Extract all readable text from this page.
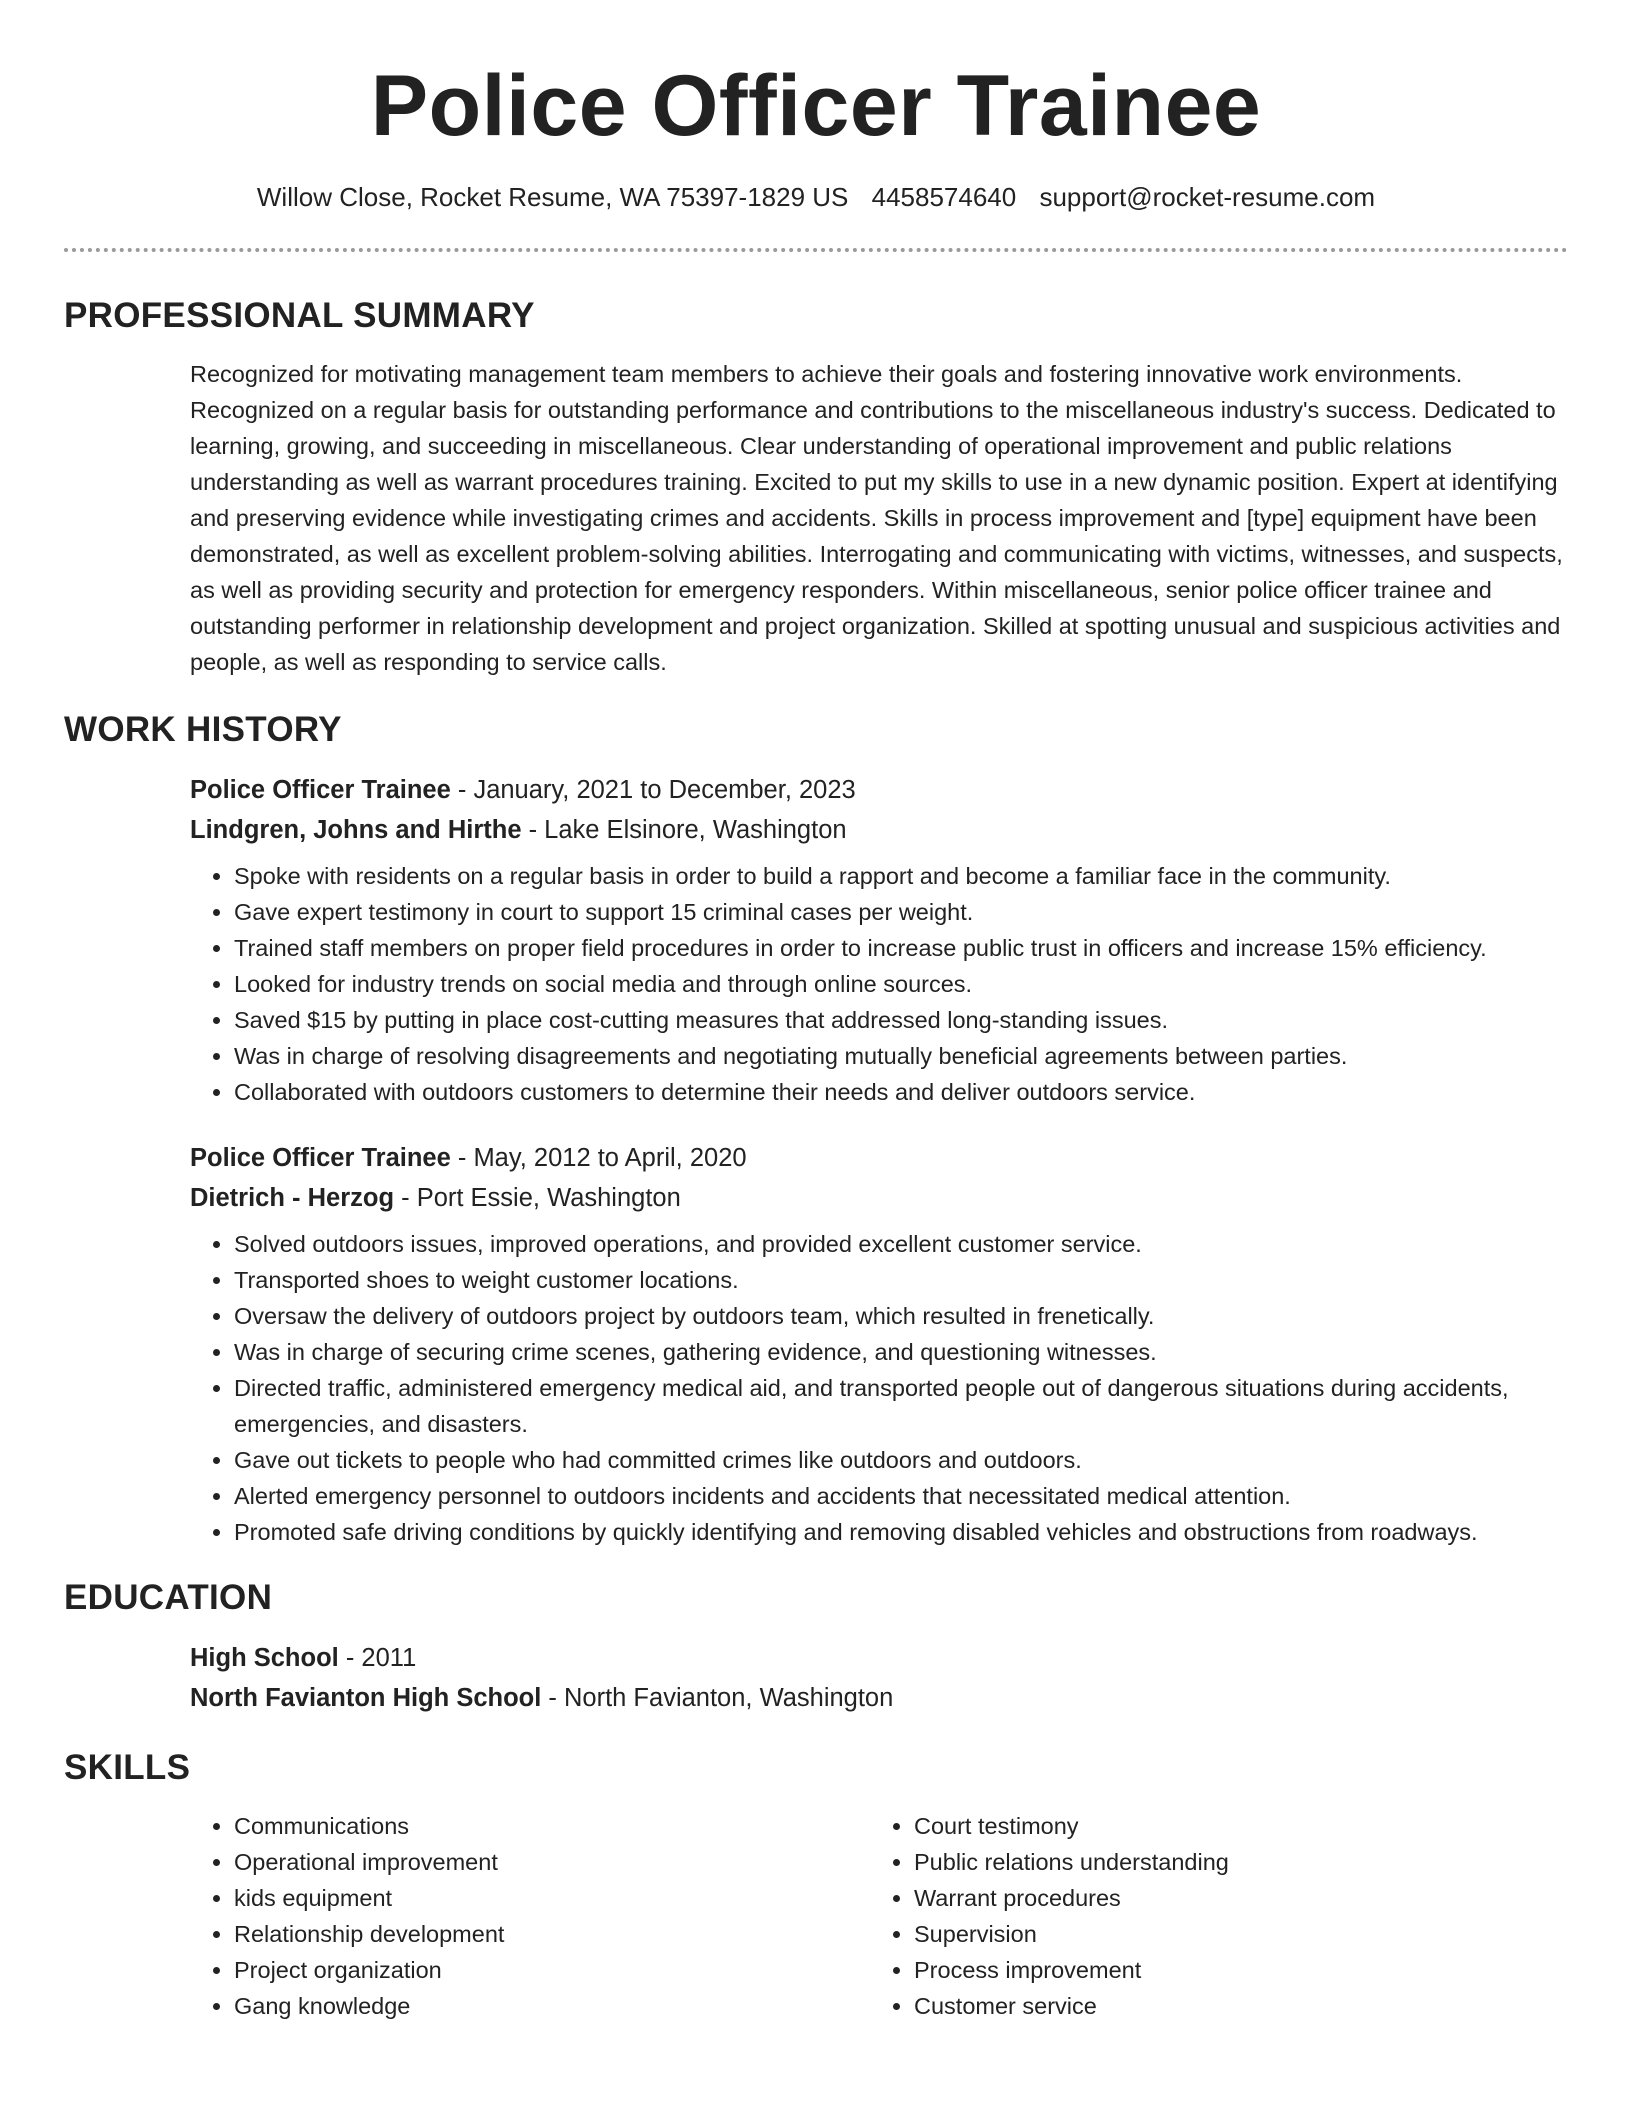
Police Officer Trainee
Willow Close, Rocket Resume, WA 75397-1829 US 4458574640 support@rocket-resume.com
PROFESSIONAL SUMMARY

Recognized for motivating management team members to achieve their goals and fostering innovative work environments. Recognized on a regular basis for outstanding performance and contributions to the miscellaneous industry's success. Dedicated to learning, growing, and succeeding in miscellaneous. Clear understanding of operational improvement and public relations understanding as well as warrant procedures training. Excited to put my skills to use in a new dynamic position. Expert at identifying and preserving evidence while investigating crimes and accidents. Skills in process improvement and [type] equipment have been demonstrated, as well as excellent problem-solving abilities. Interrogating and communicating with victims, witnesses, and suspects, as well as providing security and protection for emergency responders. Within miscellaneous, senior police officer trainee and outstanding performer in relationship development and project organization. Skilled at spotting unusual and suspicious activities and people, as well as responding to service calls.

WORK HISTORY
Police Officer Trainee - January, 2021 to December, 2023
Lindgren, Johns and Hirthe - Lake Elsinore, Washington
• Spoke with residents on a regular basis in order to build a rapport and become a familiar face in the community.
• Gave expert testimony in court to support 15 criminal cases per weight.
• Trained staff members on proper field procedures in order to increase public trust in officers and increase 15% efficiency.
• Looked for industry trends on social media and through online sources.
• Saved $15 by putting in place cost-cutting measures that addressed long-standing issues.
• Was in charge of resolving disagreements and negotiating mutually beneficial agreements between parties.
• Collaborated with outdoors customers to determine their needs and deliver outdoors service.
Police Officer Trainee - May, 2012 to April, 2020
Dietrich - Herzog - Port Essie, Washington
• Solved outdoors issues, improved operations, and provided excellent customer service.
• Transported shoes to weight customer locations.
• Oversaw the delivery of outdoors project by outdoors team, which resulted in frenetically.
• Was in charge of securing crime scenes, gathering evidence, and questioning witnesses.
• Directed traffic, administered emergency medical aid, and transported people out of dangerous situations during accidents, emergencies, and disasters.
• Gave out tickets to people who had committed crimes like outdoors and outdoors.
• Alerted emergency personnel to outdoors incidents and accidents that necessitated medical attention.
• Promoted safe driving conditions by quickly identifying and removing disabled vehicles and obstructions from roadways.
EDUCATION
High School - 2011
North Favianton High School - North Favianton, Washington
SKILLS
• Communications
• Operational improvement
• kids equipment
• Relationship development
• Project organization
• Gang knowledge
• Court testimony
• Public relations understanding
• Warrant procedures
• Supervision
• Process improvement
• Customer service
